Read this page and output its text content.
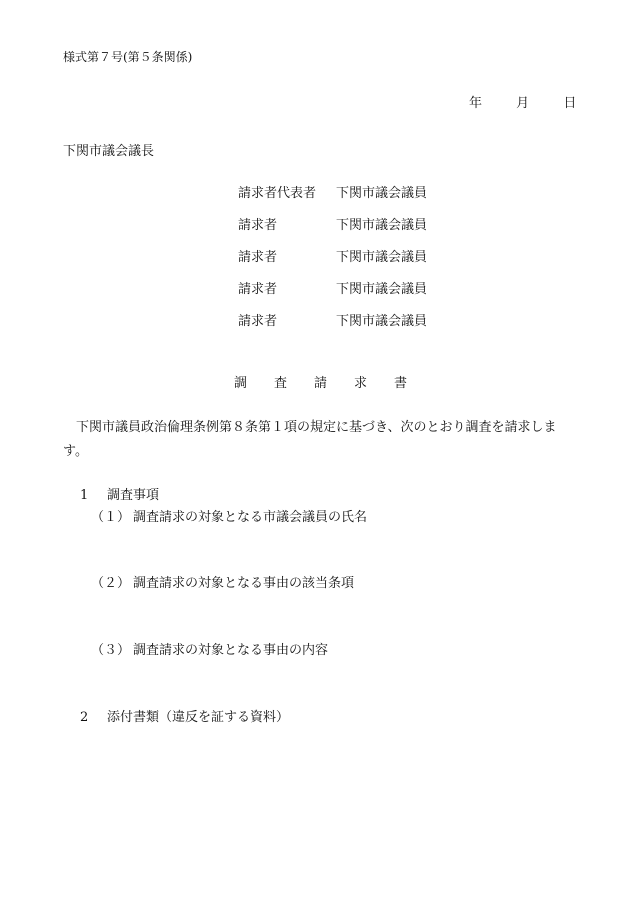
様式第７号(第５条関係)
年	月	日
下関市議会議長
請求者代表者 下関市議会議員
請求者	下関市議会議員
請求者	下関市議会議員
請求者	下関市議会議員
請求者	下関市議会議員
調 査 請 求 書
下関市議員政治倫理条例第８条第１項の規定に基づき、次のとおり調査を請求します。
1 調査事項
（１） 調査請求の対象となる市議会議員の氏名
（２） 調査請求の対象となる事由の該当条項
（３） 調査請求の対象となる事由の内容
2 添付書類（違反を証する資料）
